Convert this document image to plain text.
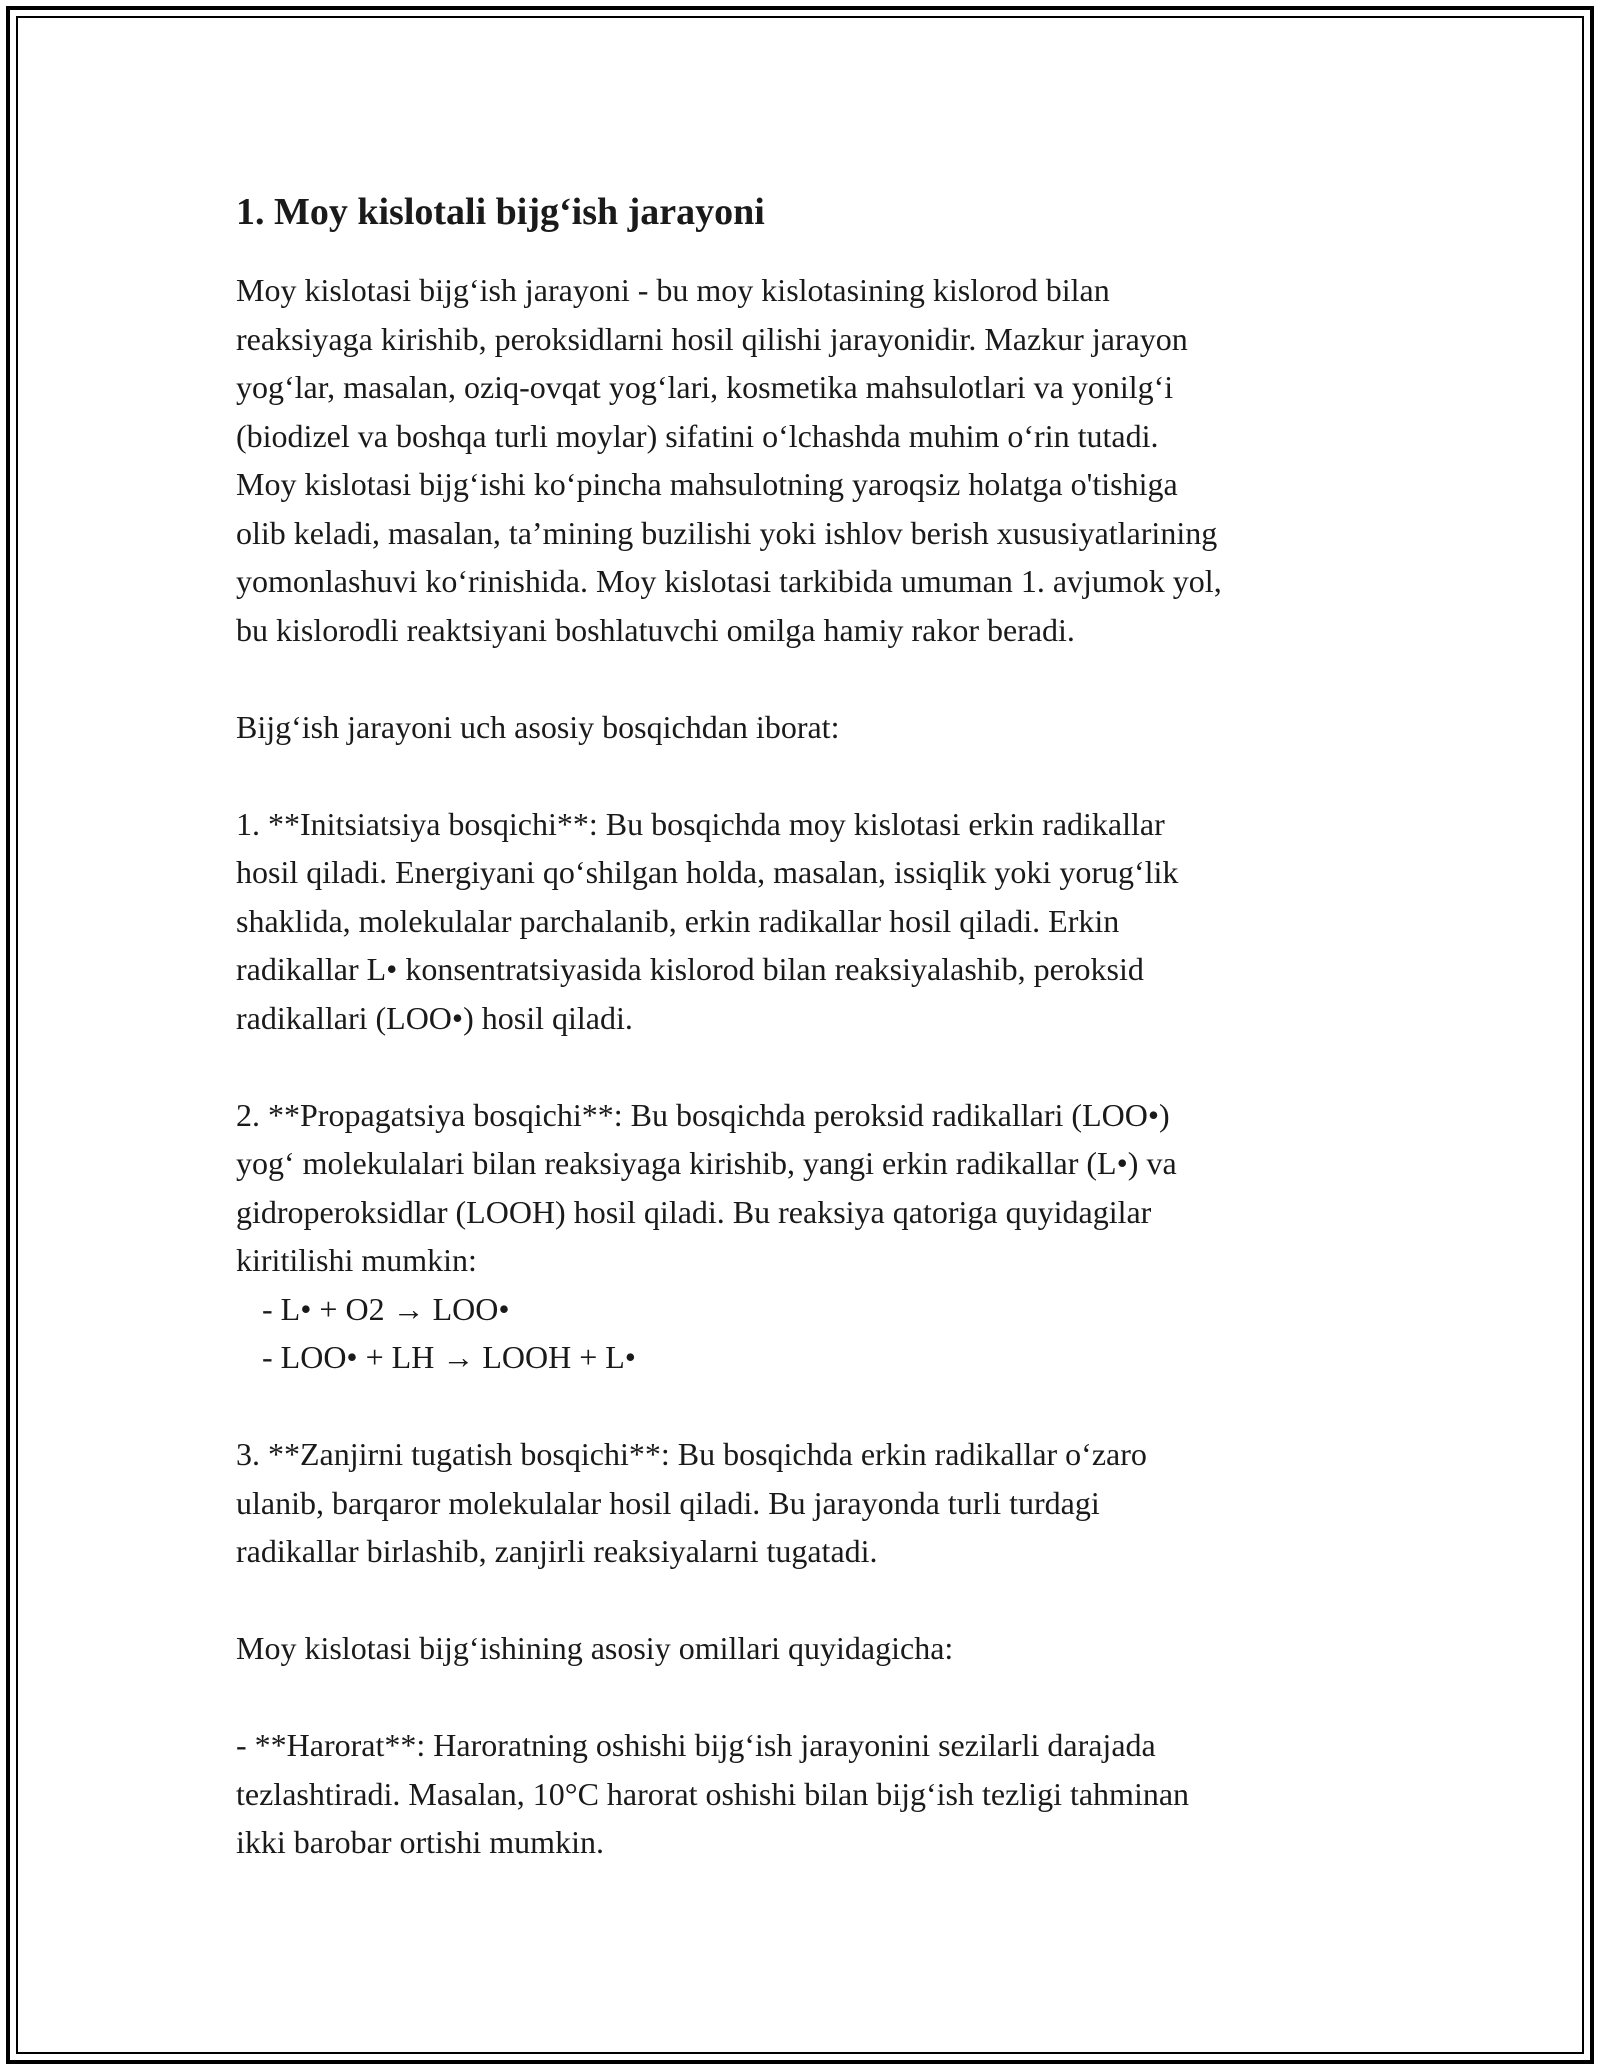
1. Moy kislotali bijg‘ish jarayoni

Moy kislotasi bijg‘ish jarayoni - bu moy kislotasining kislorod bilan

reaksiyaga kirishib, peroksidlarni hosil qilishi jarayonidir. Mazkur jarayon

yog‘lar, masalan, oziq-ovqat yog‘lari, kosmetika mahsulotlari va yonilg‘i

(biodizel va boshqa turli moylar) sifatini o‘lchashda muhim o‘rin tutadi.

Moy kislotasi bijg‘ishi ko‘pincha mahsulotning yaroqsiz holatga o'tishiga

olib keladi, masalan, ta’mining buzilishi yoki ishlov berish xususiyatlarining

yomonlashuvi ko‘rinishida. Moy kislotasi tarkibida umuman 1. avjumok yol,

bu kislorodli reaktsiyani boshlatuvchi omilga hamiy rakor beradi.

Bijg‘ish jarayoni uch asosiy bosqichdan iborat:

1. **Initsiatsiya bosqichi**: Bu bosqichda moy kislotasi erkin radikallar

hosil qiladi. Energiyani qo‘shilgan holda, masalan, issiqlik yoki yorug‘lik

shaklida, molekulalar parchalanib, erkin radikallar hosil qiladi. Erkin

radikallar L• konsentratsiyasida kislorod bilan reaksiyalashib, peroksid

radikallari (LOO•) hosil qiladi.

2. **Propagatsiya bosqichi**: Bu bosqichda peroksid radikallari (LOO•)

yog‘ molekulalari bilan reaksiyaga kirishib, yangi erkin radikallar (L•) va

gidroperoksidlar (LOOH) hosil qiladi. Bu reaksiya qatoriga quyidagilar

kiritilishi mumkin:

- L• + O2 → LOO•
- LOO• + LH → LOOH + L•

3. **Zanjirni tugatish bosqichi**: Bu bosqichda erkin radikallar o‘zaro

ulanib, barqaror molekulalar hosil qiladi. Bu jarayonda turli turdagi

radikallar birlashib, zanjirli reaksiyalarni tugatadi.

Moy kislotasi bijg‘ishining asosiy omillari quyidagicha:

- **Harorat**: Haroratning oshishi bijg‘ish jarayonini sezilarli darajada

tezlashtiradi. Masalan, 10°C harorat oshishi bilan bijg‘ish tezligi tahminan

ikki barobar ortishi mumkin.
